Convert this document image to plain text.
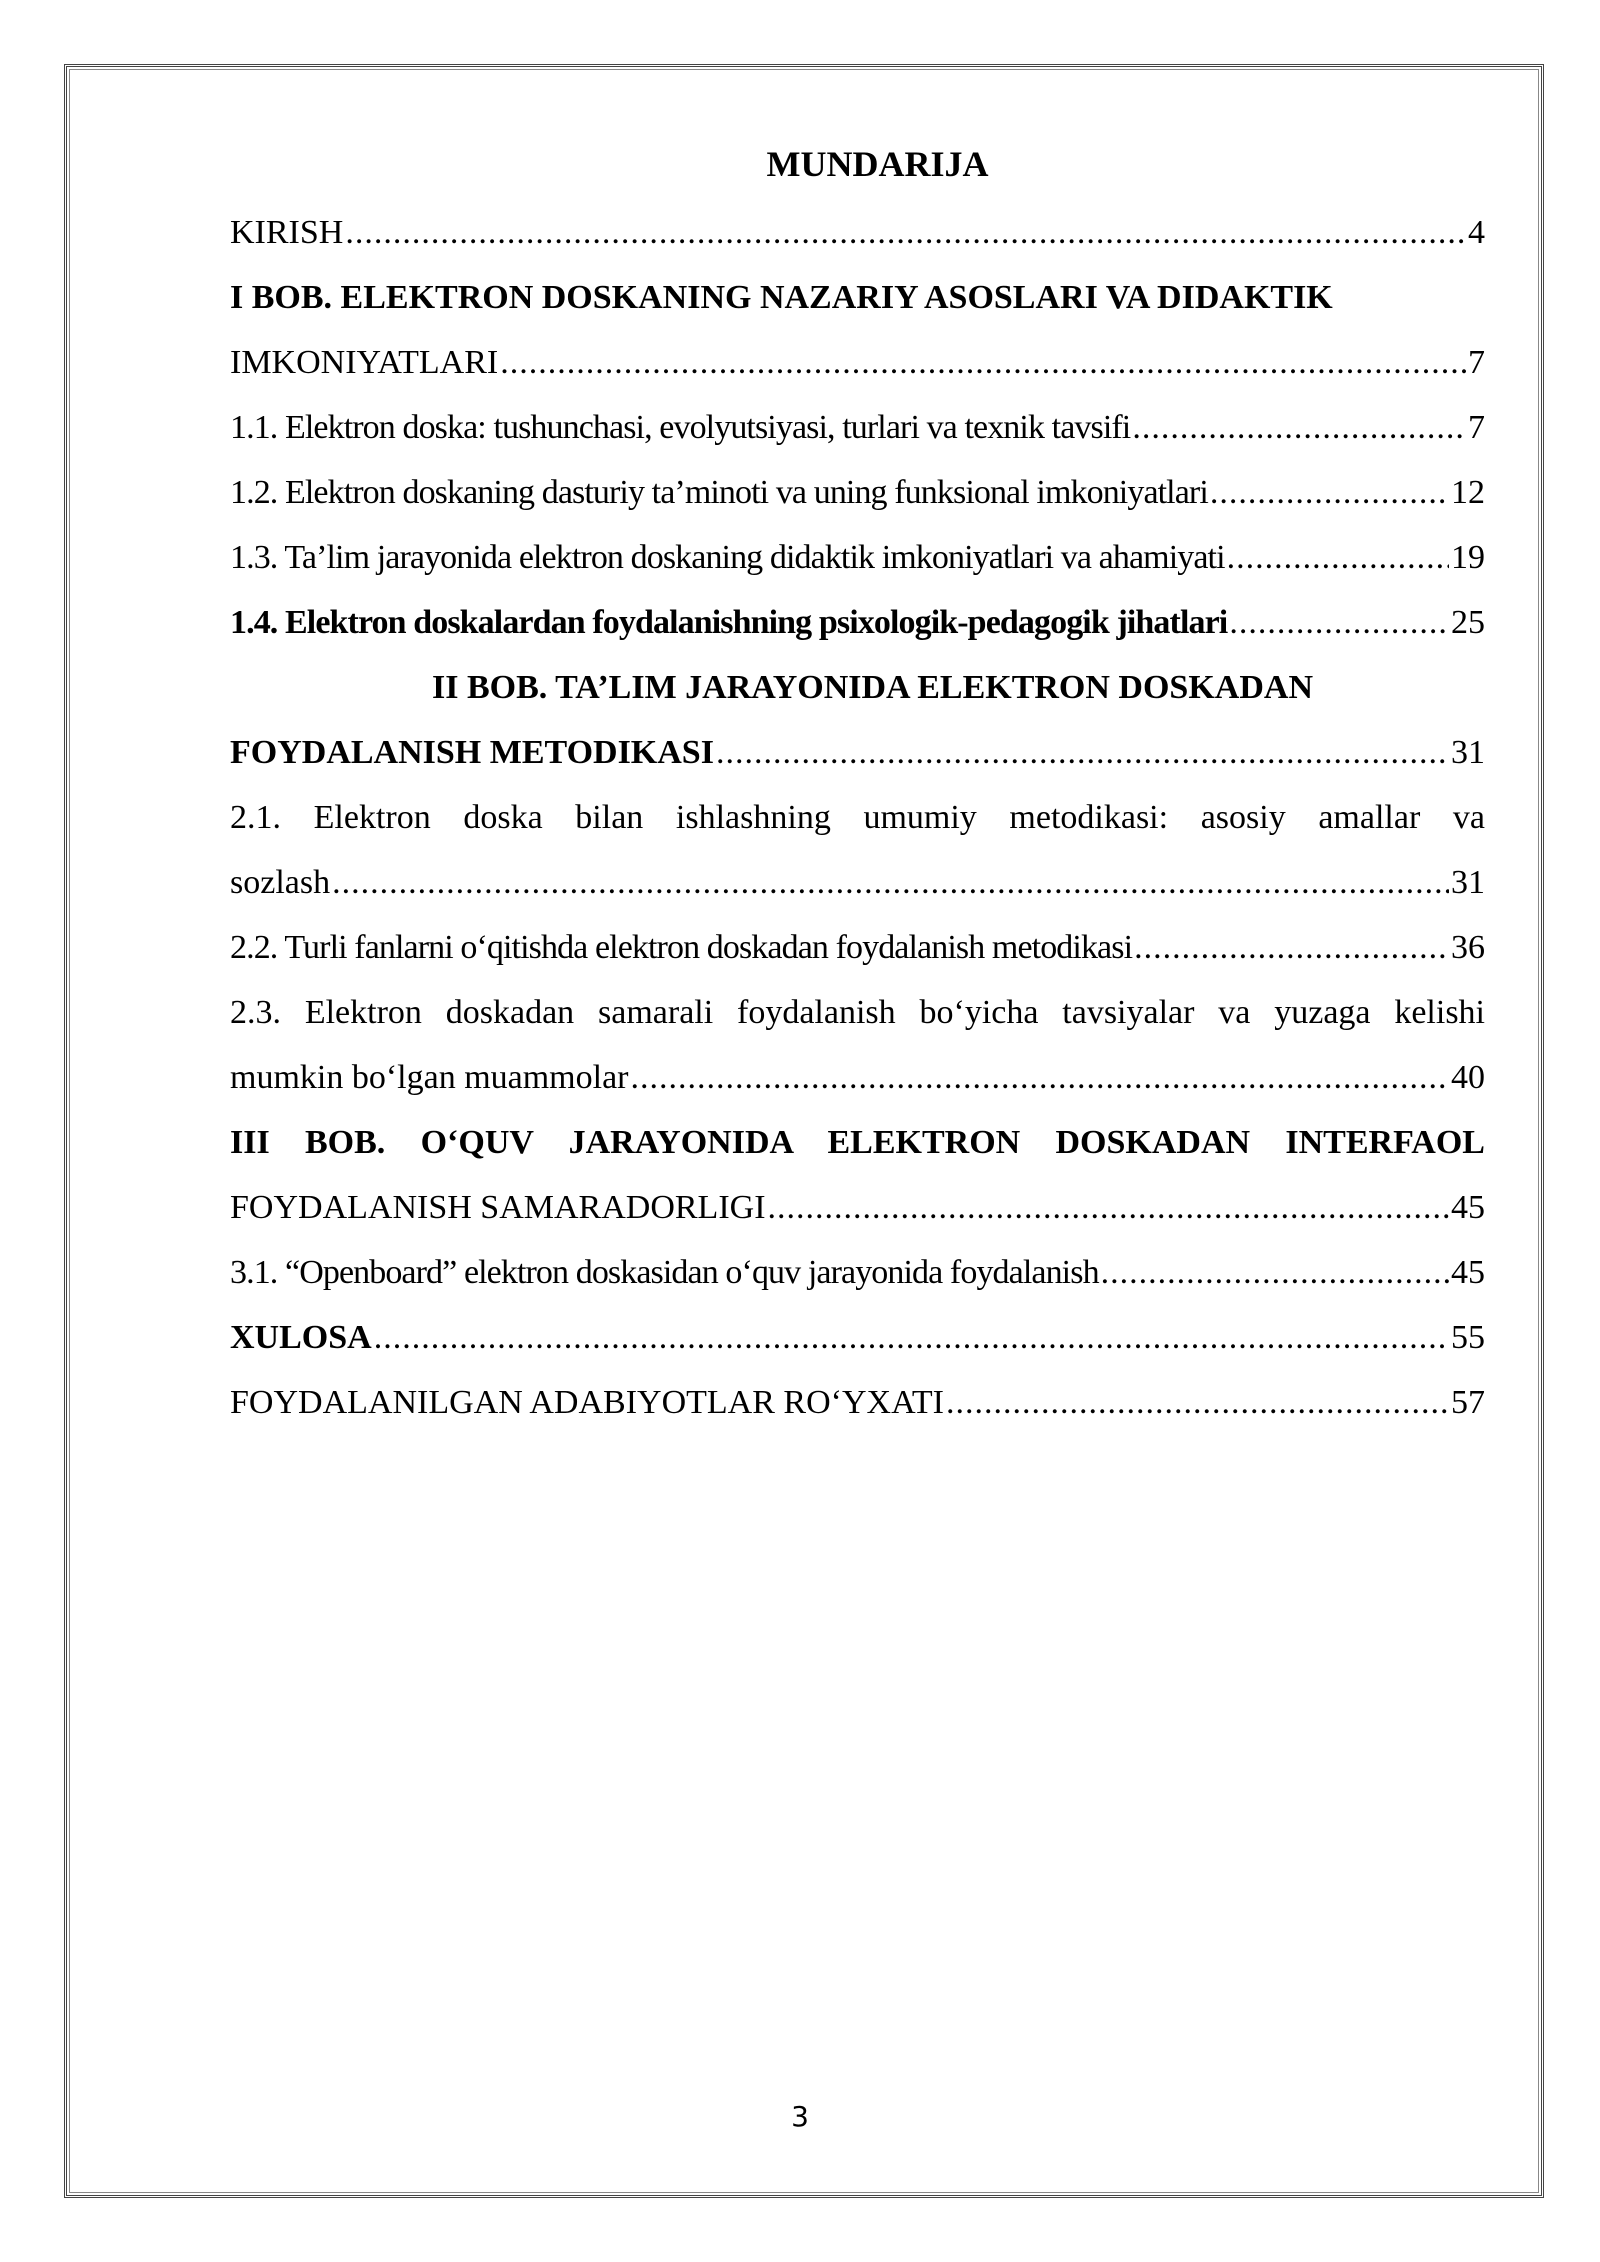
MUNDARIJA
KIRISH .....	4
I BOB. ELEKTRON DOSKANING NAZARIY ASOSLARI VA DIDAKTIK
IMKONIYATLARI .....	7
1.1. Elektron doska: tushunchasi, evolyutsiyasi, turlari va texnik tavsifi .....	7
1.2. Elektron doskaning dasturiy ta’minoti va uning funksional imkoniyatlari .....	12
1.3. Ta’lim jarayonida elektron doskaning didaktik imkoniyatlari va ahamiyati .....	19
1.4. Elektron doskalardan foydalanishning psixologik-pedagogik jihatlari .....	25
II BOB. TA’LIM JARAYONIDA ELEKTRON DOSKADAN
FOYDALANISH METODIKASI .....	31
2.1. Elektron doska bilan ishlashning umumiy metodikasi: asosiy amallar va
sozlash .....	31
2.2. Turli fanlarni o‘qitishda elektron doskadan foydalanish metodikasi .....	36
2.3. Elektron doskadan samarali foydalanish bo‘yicha tavsiyalar va yuzaga kelishi
mumkin bo‘lgan muammolar .....	40
III BOB. O‘QUV JARAYONIDA ELEKTRON DOSKADAN INTERFAOL
FOYDALANISH SAMARADORLIGI .....	45
3.1. “Openboard” elektron doskasidan o‘quv jarayonida foydalanish .....	45
XULOSA .....	55
FOYDALANILGAN ADABIYOTLAR RO‘YXATI .....	57
3
